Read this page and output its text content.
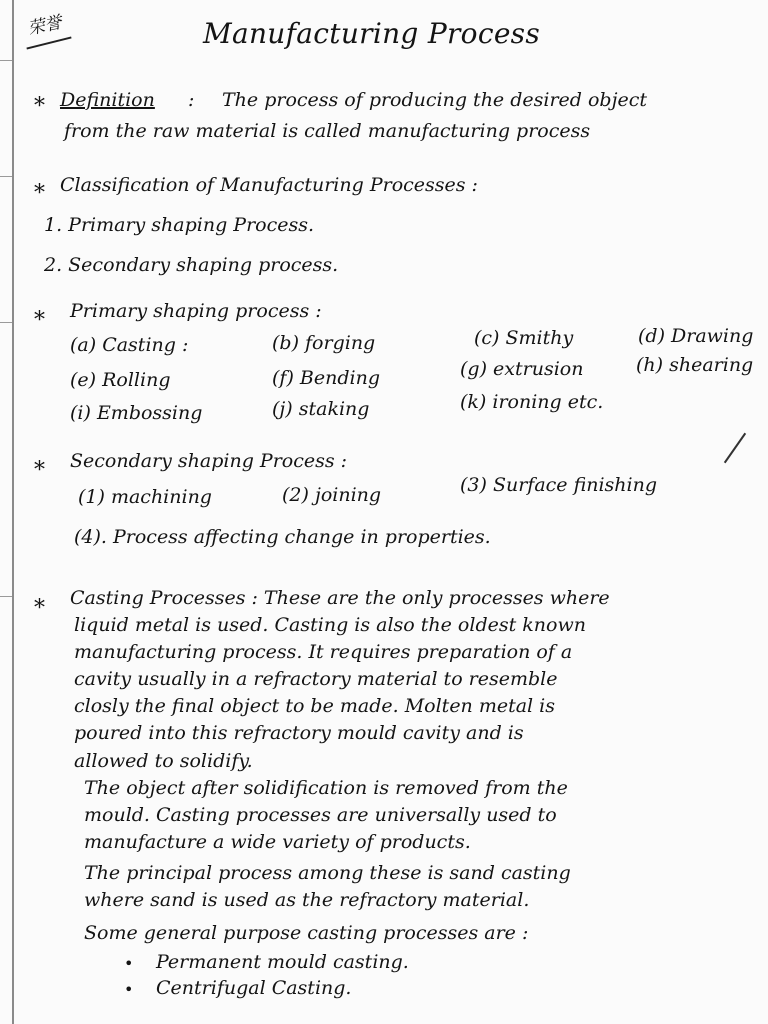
荣誉	Manufacturing Process
* Definition : The process of producing the desired object
from the raw material is called manufacturing process
* Classification of Manufacturing Processes :
1. Primary shaping Process.
2. Secondary shaping process.
* Primary shaping process :
(a) Casting :	(b) forging	(c) Smithy	(d) Drawing
(e) Rolling	(f) Bending	(g) extrusion	(h) shearing
(i) Embossing	(j) staking	(k) ironing etc.
* Secondary shaping Process :
(1) machining	(2) joining	(3) Surface finishing
(4). Process affecting change in properties.
* Casting Processes : These are the only processes where
liquid metal is used. Casting is also the oldest known
manufacturing process. It requires preparation of a
cavity usually in a refractory material to resemble
closly the final object to be made. Molten metal is
poured into this refractory mould cavity and is
allowed to solidify.
The object after solidification is removed from the
mould. Casting processes are universally used to
manufacture a wide variety of products.
The principal process among these is sand casting
where sand is used as the refractory material.
Some general purpose casting processes are :
• Permanent mould casting.
• Centrifugal Casting.
